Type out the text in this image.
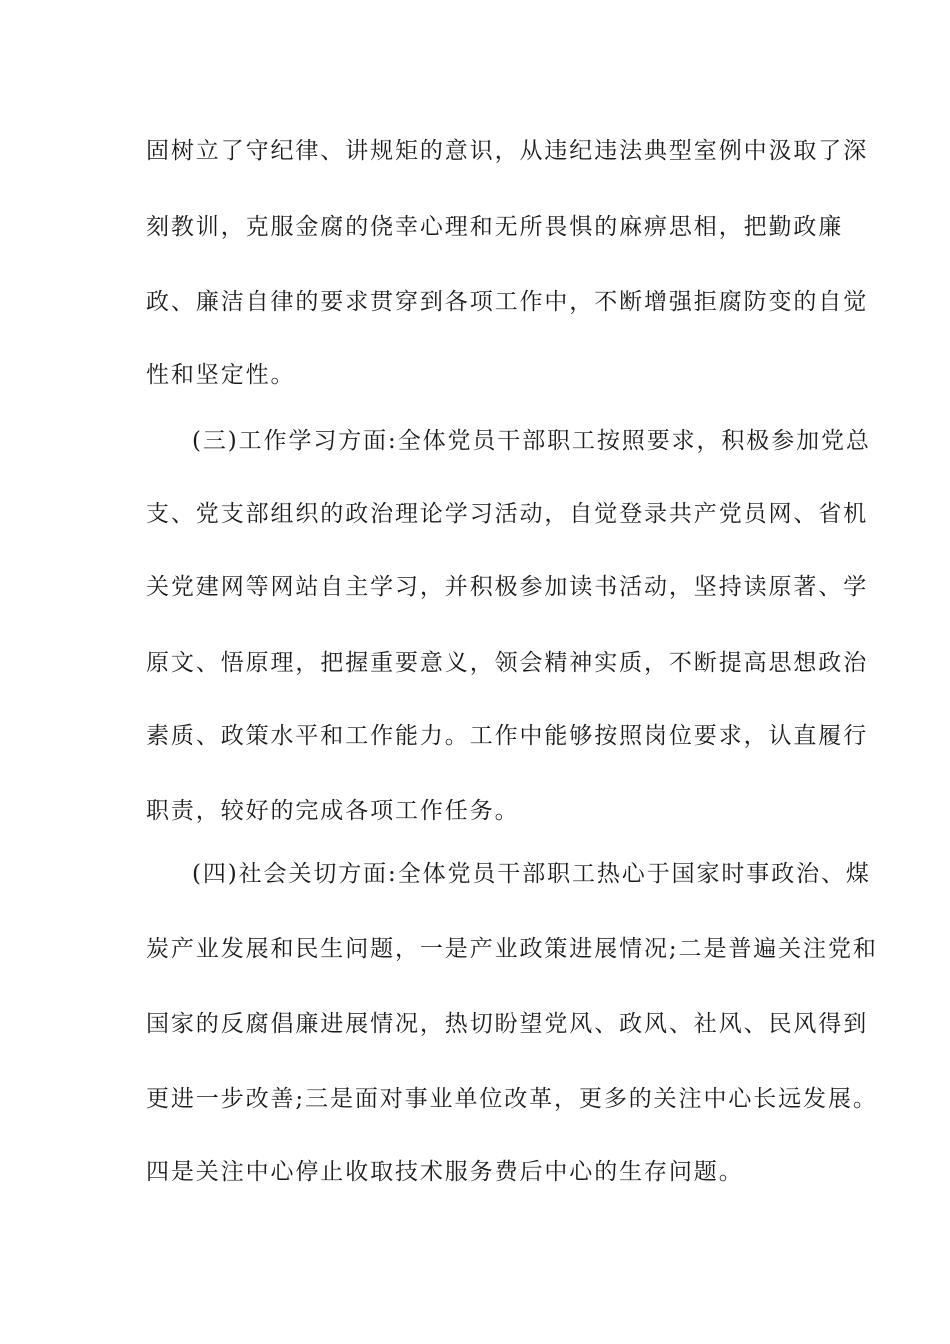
固树立了守纪律、讲规矩的意识，从违纪违法典型室例中汲取了深
刻教训，克服金腐的侥幸心理和无所畏惧的麻痹思相，把勤政廉
政、廉洁自律的要求贯穿到各项工作中，不断增强拒腐防变的自觉
性和坚定性。
(三)工作学习方面:全体党员干部职工按照要求，积极参加党总
支、党支部组织的政治理论学习活动，自觉登录共产党员网、省机
关党建网等网站自主学习，并积极参加读书活动，坚持读原著、学
原文、悟原理，把握重要意义，领会精神实质，不断提高思想政治
素质、政策水平和工作能力。工作中能够按照岗位要求，认直履行
职责，较好的完成各项工作任务。
(四)社会关切方面:全体党员干部职工热心于国家时事政治、煤
炭产业发展和民生问题，一是产业政策进展情况;二是普遍关注党和
国家的反腐倡廉进展情况，热切盼望党风、政风、社风、民风得到
更进一步改善;三是面对事业单位改革，更多的关注中心长远发展。
四是关注中心停止收取技术服务费后中心的生存问题。
